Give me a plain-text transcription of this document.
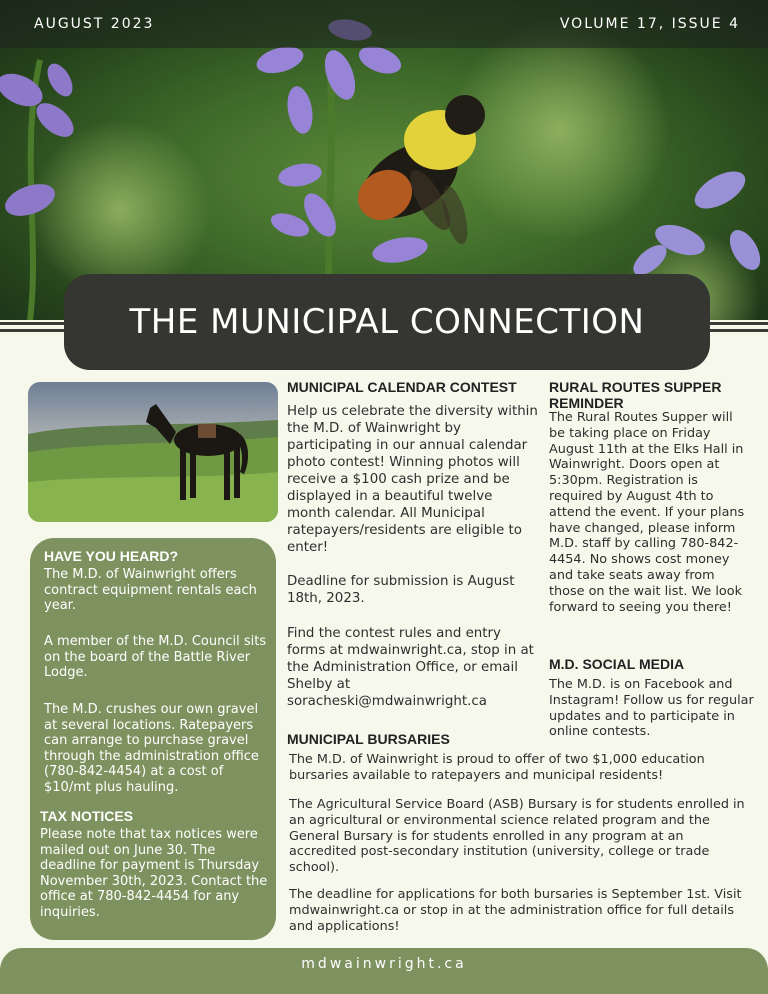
AUGUST 2023	VOLUME 17, ISSUE 4
THE MUNICIPAL CONNECTION
HAVE YOU HEARD?
The M.D. of Wainwright offers contract equipment rentals each year.
A member of the M.D. Council sits on the board of the Battle River Lodge.
The M.D. crushes our own gravel at several locations. Ratepayers can arrange to purchase gravel through the administration office (780-842-4454) at a cost of $10/mt plus hauling.
TAX NOTICES
Please note that tax notices were mailed out on June 30. The deadline for payment is Thursday November 30th, 2023. Contact the office at 780-842-4454 for any inquiries.
MUNICIPAL CALENDAR CONTEST
Help us celebrate the diversity within the M.D. of Wainwright by participating in our annual calendar photo contest! Winning photos will receive a $100 cash prize and be displayed in a beautiful twelve month calendar. All Municipal ratepayers/residents are eligible to enter!
Deadline for submission is August 18th, 2023.
Find the contest rules and entry forms at mdwainwright.ca, stop in at the Administration Office, or email Shelby at soracheski@mdwainwright.ca
RURAL ROUTES SUPPER REMINDER
The Rural Routes Supper will be taking place on Friday August 11th at the Elks Hall in Wainwright. Doors open at 5:30pm. Registration is required by August 4th to attend the event. If your plans have changed, please inform M.D. staff by calling 780-842-4454. No shows cost money and take seats away from those on the wait list. We look forward to seeing you there!
M.D. SOCIAL MEDIA
The M.D. is on Facebook and Instagram! Follow us for regular updates and to participate in online contests.
MUNICIPAL BURSARIES
The M.D. of Wainwright is proud to offer of two $1,000 education bursaries available to ratepayers and municipal residents!
The Agricultural Service Board (ASB) Bursary is for students enrolled in an agricultural or environmental science related program and the General Bursary is for students enrolled in any program at an accredited post-secondary institution (university, college or trade school).
The deadline for applications for both bursaries is September 1st. Visit mdwainwright.ca or stop in at the administration office for full details and applications!
mdwainwright.ca
